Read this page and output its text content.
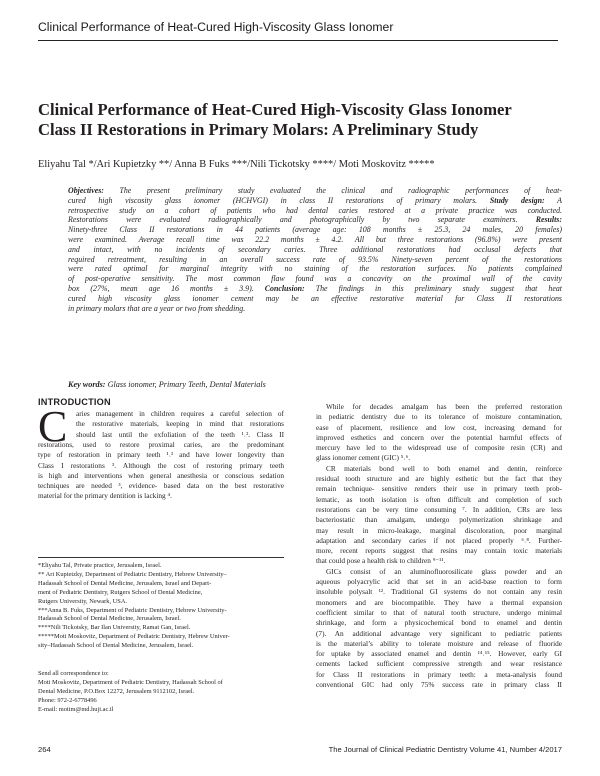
Clinical Performance of Heat-Cured High-Viscosity Glass Ionomer
Clinical Performance of Heat-Cured High-Viscosity Glass Ionomer
Class II Restorations in Primary Molars: A Preliminary Study
Eliyahu Tal */Ari Kupietzky **/ Anna B Fuks ***/Nili Tickotsky ****/ Moti Moskovitz *****
Objectives: The present preliminary study evaluated the clinical and radiographic performances of heat-
cured high viscosity glass ionomer (HCHVGI) in class II restorations of primary molars. Study design: A
retrospective study on a cohort of patients who had dental caries restored at a private practice was conducted.
Restorations were evaluated radiographically and photographically by two separate examiners. Results:
Ninety-three Class II restorations in 44 patients (average age: 108 months ± 25.3, 24 males, 20 females)
were examined. Average recall time was 22.2 months ± 4.2. All but three restorations (96.8%) were present
and intact, with no incidents of secondary caries. Three additional restorations had occlusal defects that
required retreatment, resulting in an overall success rate of 93.5% Ninety-seven percent of the restorations
were rated optimal for marginal integrity with no staining of the restoration surfaces. No patients complained
of post-operative sensitivity. The most common flaw found was a concavity on the proximal wall of the cavity
box (27%, mean age 16 months ± 3.9). Conclusion: The findings in this preliminary study suggest that heat
cured high viscosity glass ionomer cement may be an effective restorative material for Class II restorations
in primary molars that are a year or two from shedding.
Key words: Glass ionomer, Primary Teeth, Dental Materials
INTRODUCTION
C aries management in children requires a careful selection of
the restorative materials, keeping in mind that restorations
should last until the exfoliation of the teeth ¹˒². Class II
restorations, used to restore proximal caries, are the predominant
type of restoration in primary teeth ¹˒² and have lower longevity than
Class I restorations ³. Although the cost of restoring primary teeth
is high and interventions when general anesthesia or conscious sedation
techniques are needed ³, evidence- based data on the best restorative
material for the primary dentition is lacking ⁴.
*Eliyahu Tal, Private practice, Jerusalem, Israel.
** Ari Kupietzky, Department of Pediatric Dentistry, Hebrew University–
Hadassah School of Dental Medicine, Jerusalem, Israel and Depart-
ment of Pediatric Dentistry, Rutgers School of Dental Medicine,
Rutgers University, Newark, USA.
***Anna B. Fuks, Department of Pediatric Dentistry, Hebrew University-
Hadassah School of Dental Medicine, Jerusalem, Israel.
****Nili Tickotsky, Bar Ilan University, Ramat Gan, Israel.
*****Moti Moskovitz, Department of Pediatric Dentistry, Hebrew Univer-
sity–Hadassah School of Dental Medicine, Jerusalem, Israel.
Send all correspondence to:
Moti Moskovitz, Department of Pediatric Dentistry, Hadassah School of
Dental Medicine, P.O.Box 12272, Jerusalem 9112102, Israel.
Phone: 972-2-6778496
E-mail: motim@md.huji.ac.il
While for decades amalgam has been the preferred restoration
in pediatric dentistry due to its tolerance of moisture contamination,
ease of placement, resilience and low cost, increasing demand for
improved esthetics and concern over the potential harmful effects of
mercury have led to the widespread use of composite resin (CR) and
glass ionomer cement (GIC) ⁵˒⁶.
CR materials bond well to both enamel and dentin, reinforce
residual tooth structure and are highly esthetic but the fact that they
remain technique- sensitive renders their use in primary teeth prob-
lematic, as tooth isolation is often difficult and completion of such
restorations can be very time consuming ⁷. In addition, CRs are less
bacteriostatic than amalgam, undergo polymerization shrinkage and
may result in micro-leakage, marginal discoloration, poor marginal
adaptation and secondary caries if not placed properly ⁶˒⁸. Further-
more, recent reports suggest that resins may contain toxic materials
that could pose a health risk to children ⁹⁻¹¹.
GICs consist of an aluminofluorosilicate glass powder and an
aqueous polyacrylic acid that set in an acid-base reaction to form
insoluble polysalt ¹². Traditional GI systems do not contain any resin
monomers and are biocompatible. They have a thermal expansion
coefficient similar to that of natural tooth structure, undergo minimal
shrinkage, and form a physicochemical bond to enamel and dentin
(7). An additional advantage very significant to pediatric patients
is the material’s ability to tolerate moisture and release of fluoride
for uptake by associated enamel and dentin ¹⁴˒¹⁵. However, early GI
cements lacked sufficient compressive strength and wear resistance
for Class II restorations in primary teeth: a meta-analysis found
conventional GIC had only 75% success rate in primary class II
264	The Journal of Clinical Pediatric Dentistry Volume 41, Number 4/2017
